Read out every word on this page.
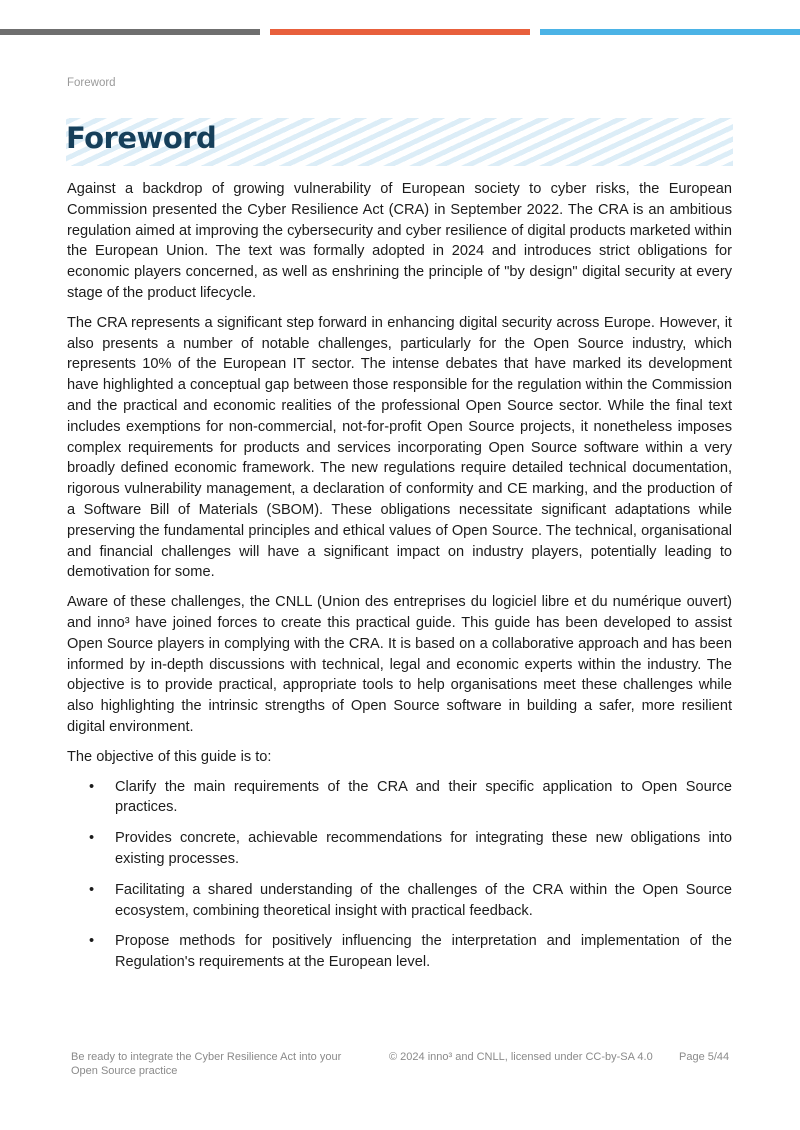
Foreword
Foreword

Against a backdrop of growing vulnerability of European society to cyber risks, the European Commission presented the Cyber Resilience Act (CRA) in September 2022. The CRA is an ambitious regulation aimed at improving the cybersecurity and cyber resilience of digital products marketed within the European Union. The text was formally adopted in 2024 and introduces strict obligations for economic players concerned, as well as enshrining the principle of "by design" digital security at every stage of the product lifecycle.

The CRA represents a significant step forward in enhancing digital security across Europe. However, it also presents a number of notable challenges, particularly for the Open Source industry, which represents 10% of the European IT sector. The intense debates that have marked its development have highlighted a conceptual gap between those responsible for the regulation within the Commission and the practical and economic realities of the professional Open Source sector. While the final text includes exemptions for non-commercial, not-for-profit Open Source projects, it nonetheless imposes complex requirements for products and services incorporating Open Source software within a very broadly defined economic framework. The new regulations require detailed technical documentation, rigorous vulnerability management, a declaration of conformity and CE marking, and the production of a Software Bill of Materials (SBOM). These obligations necessitate significant adaptations while preserving the fundamental principles and ethical values of Open Source. The technical, organisational and financial challenges will have a significant impact on industry players, potentially leading to demotivation for some.

Aware of these challenges, the CNLL (Union des entreprises du logiciel libre et du numérique ouvert) and inno³ have joined forces to create this practical guide. This guide has been developed to assist Open Source players in complying with the CRA. It is based on a collaborative approach and has been informed by in-depth discussions with technical, legal and economic experts within the industry. The objective is to provide practical, appropriate tools to help organisations meet these challenges while also highlighting the intrinsic strengths of Open Source software in building a safer, more resilient digital environment.

The objective of this guide is to:

• Clarify the main requirements of the CRA and their specific application to Open Source practices.
• Provides concrete, achievable recommendations for integrating these new obligations into existing processes.
• Facilitating a shared understanding of the challenges of the CRA within the Open Source ecosystem, combining theoretical insight with practical feedback.
• Propose methods for positively influencing the interpretation and implementation of the Regulation's requirements at the European level.
Be ready to integrate the Cyber Resilience Act into your Open Source practice
© 2024 inno³ and CNLL, licensed under CC-by-SA 4.0 Page 5/44
